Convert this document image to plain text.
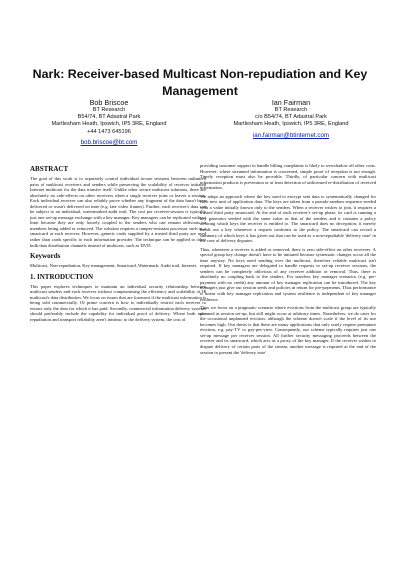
Nark: Receiver-based Multicast Non-repudiation and Key Management
Bob Briscoe
BT Research
B54/74, BT Adastral Park
Martlesham Heath, Ipswich, IP5 3RE, England
+44 1473 645196
bob.briscoe@bt.com
Ian Fairman
BT Research
c/o B54/74, BT Adastral Park
Martlesham Heath, Ipswich, IP5 3RE, England
ian.fairman@btinternet.com
ABSTRACT

The goal of this work is to separately control individual secure sessions between unlimited pairs of multicast receivers and senders while preserving the scalability of receiver initiated Internet multicast for the data transfer itself. Unlike other secure multicast solutions, there are absolutely no side-effects on other receivers when a single receiver joins or leaves a session. Each individual receiver can also reliably prove whether any fragment of the data hasn't been delivered or wasn't delivered on time (e.g. late video frames). Further, each receiver's data can be subject to an individual, watermarked audit trail. The cost per receiver-session is typically just one set-up message exchange with a key manager. Key managers can be replicated without limit because they are only loosely coupled to the senders who can remain oblivious to members being added or removed. The solution requires a tamper-resistant processor such as a smartcard at each receiver. However, generic cards supplied by a trusted third party are used rather than cards specific to each information provider. The technique can be applied to other bulk data distribution channels instead of multicast, such as DVD.

Keywords

Multicast, Non-repudiation, Key management, Smartcard, Watermark, Audit trail, Internet.

1. INTRODUCTION

This paper explores techniques to maintain an individual security relationship between multicast senders and each receiver without compromising the efficiency and scalability of IP multicast's data distribution. We focus on issues that are foremost if the multicast information is being sold commercially. Of prime concern is how to individually restrict each receiver to extract only the data for which it has paid. Secondly, commercial information delivery systems should preferably include the capability for individual proof of delivery. Where both non-repudiation and transport reliability aren't intrinsic to the delivery system, the cost of

providing customer support to handle billing complaints is likely to overshadow all other costs. However, where streamed information is concerned, simple proof of reception is not enough. Timely reception must also be provable. Thirdly, of particular concern with multicast information products is prevention or at least detection of unlicensed re-distribution of received information.

We adopt an approach where the key used to encrypt sent data is systematically changed for each new unit of application data. The keys are taken from a pseudo-random sequence seeded with a value initially known only to the senders. When a receiver wishes to join, it requires a trusted third party smartcard. At the end of each receiver's set-up phase, its card is running a key generator seeded with the same value as that of the senders and it contains a policy defining which keys the receiver is entitled to. The smartcard does no decryption; it merely hands out a key whenever a request conforms to the policy. The smartcard can record a summary of which keys it has given out that can be used as a non-repudiable 'delivery note' in the case of delivery disputes.

Thus, whenever a receiver is added or removed, there is zero side-effect on other receivers. A special group key change doesn't have to be initiated because systematic changes occur all the time anyway. No keys need sending over the multicast, therefore reliable multicast isn't required. If key managers are delegated to handle requests to set-up receiver sessions, the senders can be completely oblivious of any receiver addition or removal. Thus, there is absolutely no coupling back to the senders. For stateless key manager scenarios (e.g. pre-payment with no credit) any amount of key manager replication can be introduced. The key managers just give out session seeds and policies in return for pre-payments. Thus performance is linear with key manager replication and system resilience is independent of key manager resilience.

Thus we focus on a pragmatic scenario where evictions from the multicast group are typically planned at session set-up, but still might occur at arbitrary times. Nonetheless, we do cater for the occasional unplanned eviction, although the scheme doesn't scale if the level of its use becomes high. Our thesis is that there are many applications that only rarely require premature eviction, e.g. pay-TV or pay-per-view. Consequently, our scheme typically requires just one set-up message per receiver session. All further security messaging proceeds between the receiver and its smartcard, which acts as a proxy of the key manager. If the receiver wishes to dispute delivery of certain parts of the stream, another message is required at the end of the session to present the 'delivery note'.
